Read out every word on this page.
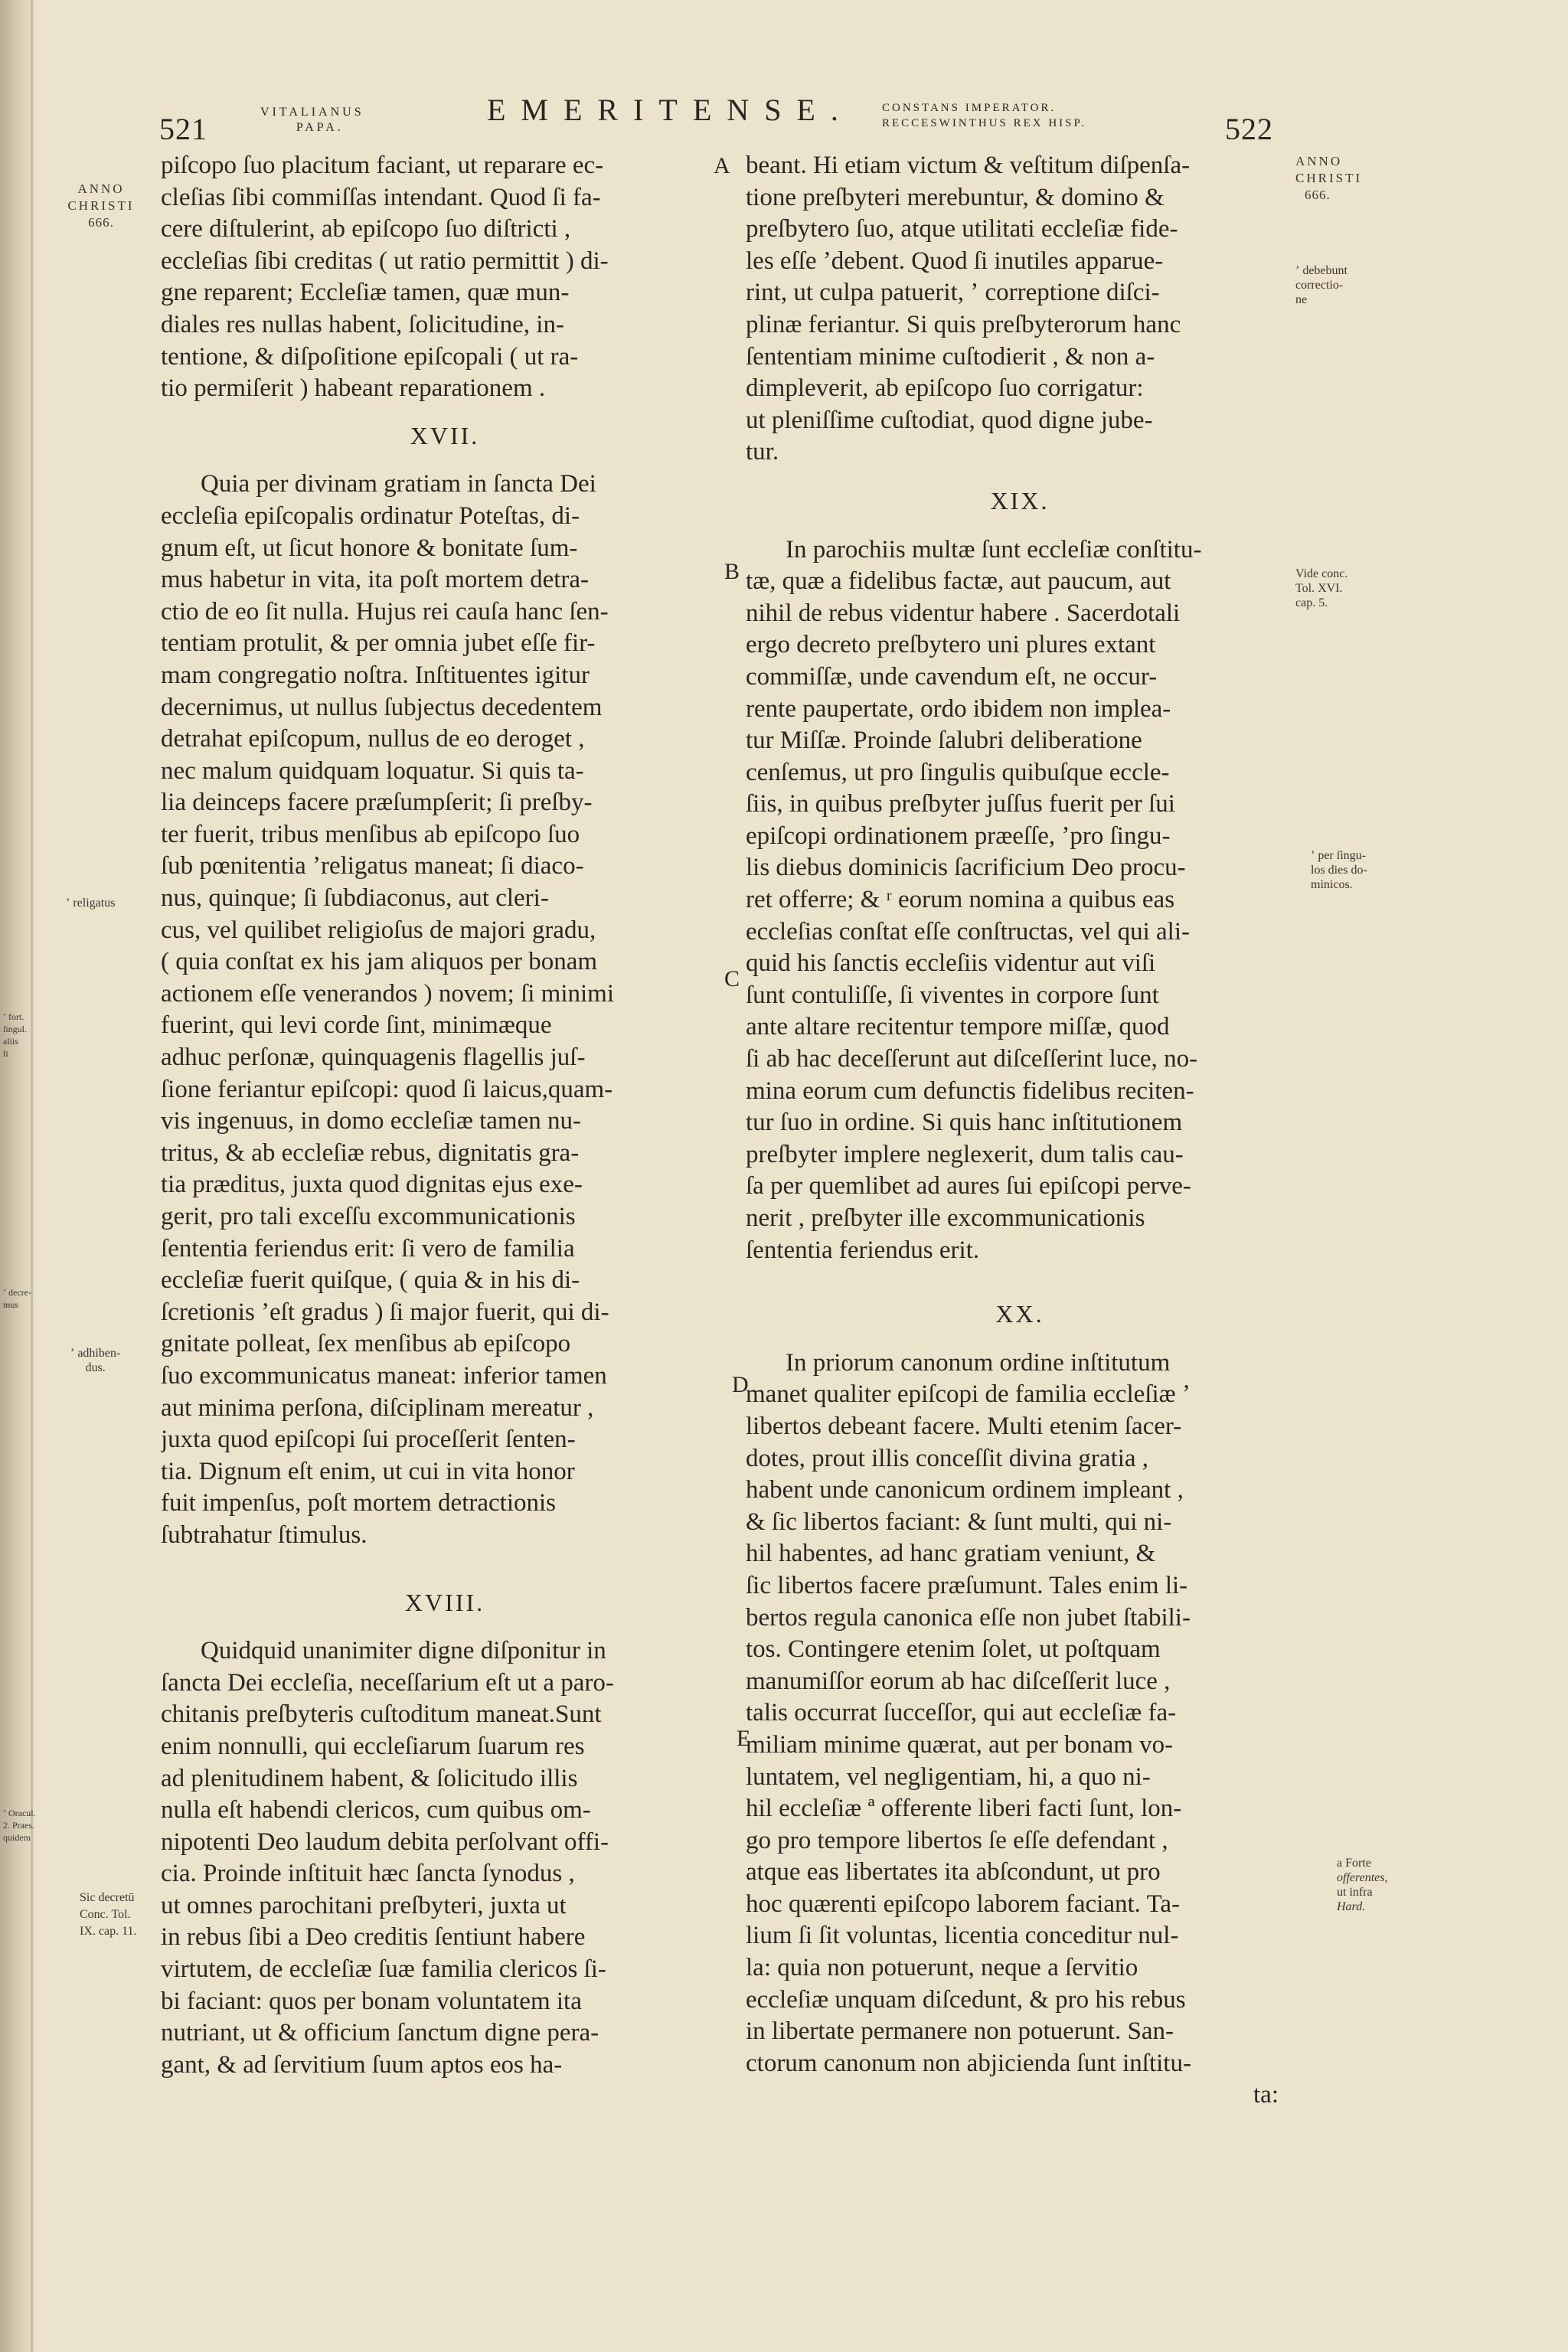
ʼ fort.
ſingul.
aliis
li
ʼ decre-
mus
ʼ Oracul.
2. Praes.
quidem
521	VITALIANUS
PAPA.
EMERITENSE. CONSTANS IMPERATOR.
RECCESWINTHUS REX HISP.	522
ANNO
CHRISTI
666.
ʼ religatus
ʼ adhiben-
dus.
Sic decretū
Conc. Tol.
IX. cap. 11.
ANNO
CHRISTI
666.
ʼ debebunt
correctio-
ne
Vide conc.
Tol. XVI.
cap. 5.
ʼ per ſingu-
los dies do-
minicos.
a Forte
offerentes,
ut infra
Hard.
A
B
C
D
E
piſcopo ſuo placitum faciant, ut reparare ec-
cleſias ſibi commiſſas intendant. Quod ſi fa-
cere diſtulerint, ab epiſcopo ſuo diſtricti ,
eccleſias ſibi creditas ( ut ratio permittit ) di-
gne reparent; Eccleſiæ tamen, quæ mun-
diales res nullas habent, ſolicitudine, in-
tentione, & diſpoſitione epiſcopali ( ut ra-
tio permiſerit ) habeant reparationem .
XVII.
Quia per divinam gratiam in ſancta Dei
eccleſia epiſcopalis ordinatur Poteſtas, di-
gnum eſt, ut ſicut honore & bonitate ſum-
mus habetur in vita, ita poſt mortem detra-
ctio de eo ſit nulla. Hujus rei cauſa hanc ſen-
tentiam protulit, & per omnia jubet eſſe fir-
mam congregatio noſtra. Inſtituentes igitur
decernimus, ut nullus ſubjectus decedentem
detrahat epiſcopum, nullus de eo deroget ,
nec malum quidquam loquatur. Si quis ta-
lia deinceps facere præſumpſerit; ſi preſby-
ter fuerit, tribus menſibus ab epiſcopo ſuo
ſub pœnitentia ʼreligatus maneat; ſi diaco-
nus, quinque; ſi ſubdiaconus, aut cleri-
cus, vel quilibet religioſus de majori gradu,
( quia conſtat ex his jam aliquos per bonam
actionem eſſe venerandos ) novem; ſi minimi
fuerint, qui levi corde ſint, minimæque
adhuc perſonæ, quinquagenis flagellis juſ-
ſione feriantur epiſcopi: quod ſi laicus,quam-
vis ingenuus, in domo eccleſiæ tamen nu-
tritus, & ab eccleſiæ rebus, dignitatis gra-
tia præditus, juxta quod dignitas ejus exe-
gerit, pro tali exceſſu excommunicationis
ſententia feriendus erit: ſi vero de familia
eccleſiæ fuerit quiſque, ( quia & in his di-
ſcretionis ʼeſt gradus ) ſi major fuerit, qui di-
gnitate polleat, ſex menſibus ab epiſcopo
ſuo excommunicatus maneat: inferior tamen
aut minima perſona, diſciplinam mereatur ,
juxta quod epiſcopi ſui proceſſerit ſenten-
tia. Dignum eſt enim, ut cui in vita honor
fuit impenſus, poſt mortem detractionis
ſubtrahatur ſtimulus.
XVIII.
Quidquid unanimiter digne diſponitur in
ſancta Dei eccleſia, neceſſarium eſt ut a paro-
chitanis preſbyteris cuſtoditum maneat.Sunt
enim nonnulli, qui eccleſiarum ſuarum res
ad plenitudinem habent, & ſolicitudo illis
nulla eſt habendi clericos, cum quibus om-
nipotenti Deo laudum debita perſolvant offi-
cia. Proinde inſtituit hæc ſancta ſynodus ,
ut omnes parochitani preſbyteri, juxta ut
in rebus ſibi a Deo creditis ſentiunt habere
virtutem, de eccleſiæ ſuæ familia clericos ſi-
bi faciant: quos per bonam voluntatem ita
nutriant, ut & officium ſanctum digne pera-
gant, & ad ſervitium ſuum aptos eos ha-
beant. Hi etiam victum & veſtitum diſpenſa-
tione preſbyteri merebuntur, & domino &
preſbytero ſuo, atque utilitati eccleſiæ fide-
les eſſe ʼdebent. Quod ſi inutiles apparue-
rint, ut culpa patuerit, ʼ correptione diſci-
plinæ feriantur. Si quis preſbyterorum hanc
ſententiam minime cuſtodierit , & non a-
dimpleverit, ab epiſcopo ſuo corrigatur:
ut pleniſſime cuſtodiat, quod digne jube-
tur.
XIX.
In parochiis multæ ſunt eccleſiæ conſtitu-
tæ, quæ a fidelibus factæ, aut paucum, aut
nihil de rebus videntur habere . Sacerdotali
ergo decreto preſbytero uni plures extant
commiſſæ, unde cavendum eſt, ne occur-
rente paupertate, ordo ibidem non impleа-
tur Miſſæ. Proinde ſalubri deliberatione
cenſemus, ut pro ſingulis quibuſque eccle-
ſiis, in quibus preſbyter juſſus fuerit per ſui
epiſcopi ordinationem præeſſe, ʼpro ſingu-
lis diebus dominicis ſacrificium Deo procu-
ret offerre; & ʳ eorum nomina a quibus eas
eccleſias conſtat eſſe conſtructas, vel qui ali-
quid his ſanctis eccleſiis videntur aut viſi
ſunt contuliſſe, ſi viventes in corpore ſunt
ante altare recitentur tempore miſſæ, quod
ſi ab hac deceſſerunt aut diſceſſerint luce, no-
mina eorum cum defunctis fidelibus reciten-
tur ſuo in ordine. Si quis hanc inſtitutionem
preſbyter implere neglexerit, dum talis cau-
ſa per quemlibet ad aures ſui epiſcopi perve-
nerit , preſbyter ille excommunicationis
ſententia feriendus erit.
XX.
In priorum canonum ordine inſtitutum
manet qualiter epiſcopi de familia eccleſiæ ʼ
libertos debeant facere. Multi etenim ſacer-
dotes, prout illis conceſſit divina gratia ,
habent unde canonicum ordinem impleant ,
& ſic libertos faciant: & ſunt multi, qui ni-
hil habentes, ad hanc gratiam veniunt, &
ſic libertos facere præſumunt. Tales enim li-
bertos regula canonica eſſe non jubet ſtabili-
tos. Contingere etenim ſolet, ut poſtquam
manumiſſor eorum ab hac diſceſſerit luce ,
talis occurrat ſucceſſor, qui aut eccleſiæ fa-
miliam minime quærat, aut per bonam vo-
luntatem, vel negligentiam, hi, a quo ni-
hil eccleſiæ ª offerente liberi facti ſunt, lon-
go pro tempore libertos ſe eſſe defendant ,
atque eas libertates ita abſcondunt, ut pro
hoc quærenti epiſcopo laborem faciant. Ta-
lium ſi ſit voluntas, licentia conceditur nul-
la: quia non potuerunt, neque a ſervitio
eccleſiæ unquam diſcedunt, & pro his rebus
in libertate permanere non potuerunt. San-
ctorum canonum non abjicienda ſunt inſtitu-
ta:
